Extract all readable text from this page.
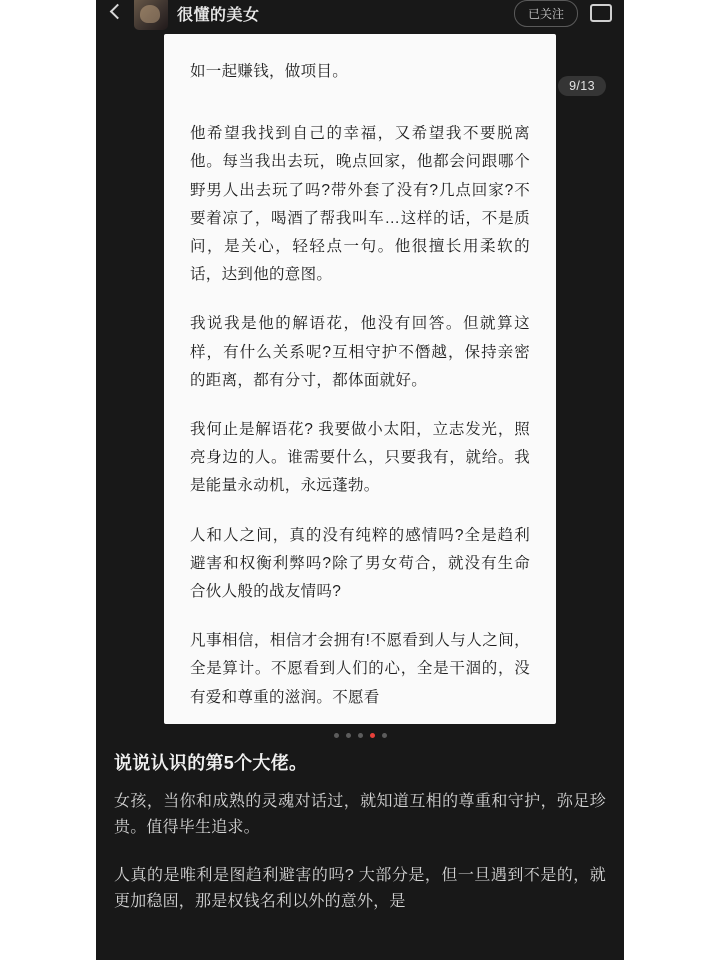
很懂的美女	已关注

如一起赚钱，做项目。

他希望我找到自己的幸福，又希望我不要脱离他。每当我出去玩，晚点回家，他都会问跟哪个野男人出去玩了吗?带外套了没有?几点回家?不要着凉了，喝酒了帮我叫车…这样的话，不是质问，是关心，轻轻点一句。他很擅长用柔软的话，达到他的意图。

我说我是他的解语花，他没有回答。但就算这样，有什么关系呢?互相守护不僭越，保持亲密的距离，都有分寸，都体面就好。

我何止是解语花? 我要做小太阳，立志发光，照亮身边的人。谁需要什么，只要我有，就给。我是能量永动机，永远蓬勃。

人和人之间，真的没有纯粹的感情吗?全是趋利避害和权衡利弊吗?除了男女苟合，就没有生命合伙人般的战友情吗?

凡事相信，相信才会拥有!不愿看到人与人之间，全是算计。不愿看到人们的心，全是干涸的，没有爱和尊重的滋润。不愿看

9/13
说说认识的第5个大佬。
女孩，当你和成熟的灵魂对话过，就知道互相的尊重和守护，弥足珍贵。值得毕生追求。
人真的是唯利是图趋利避害的吗? 大部分是，但一旦遇到不是的，就更加稳固，那是权钱名利以外的意外，是
